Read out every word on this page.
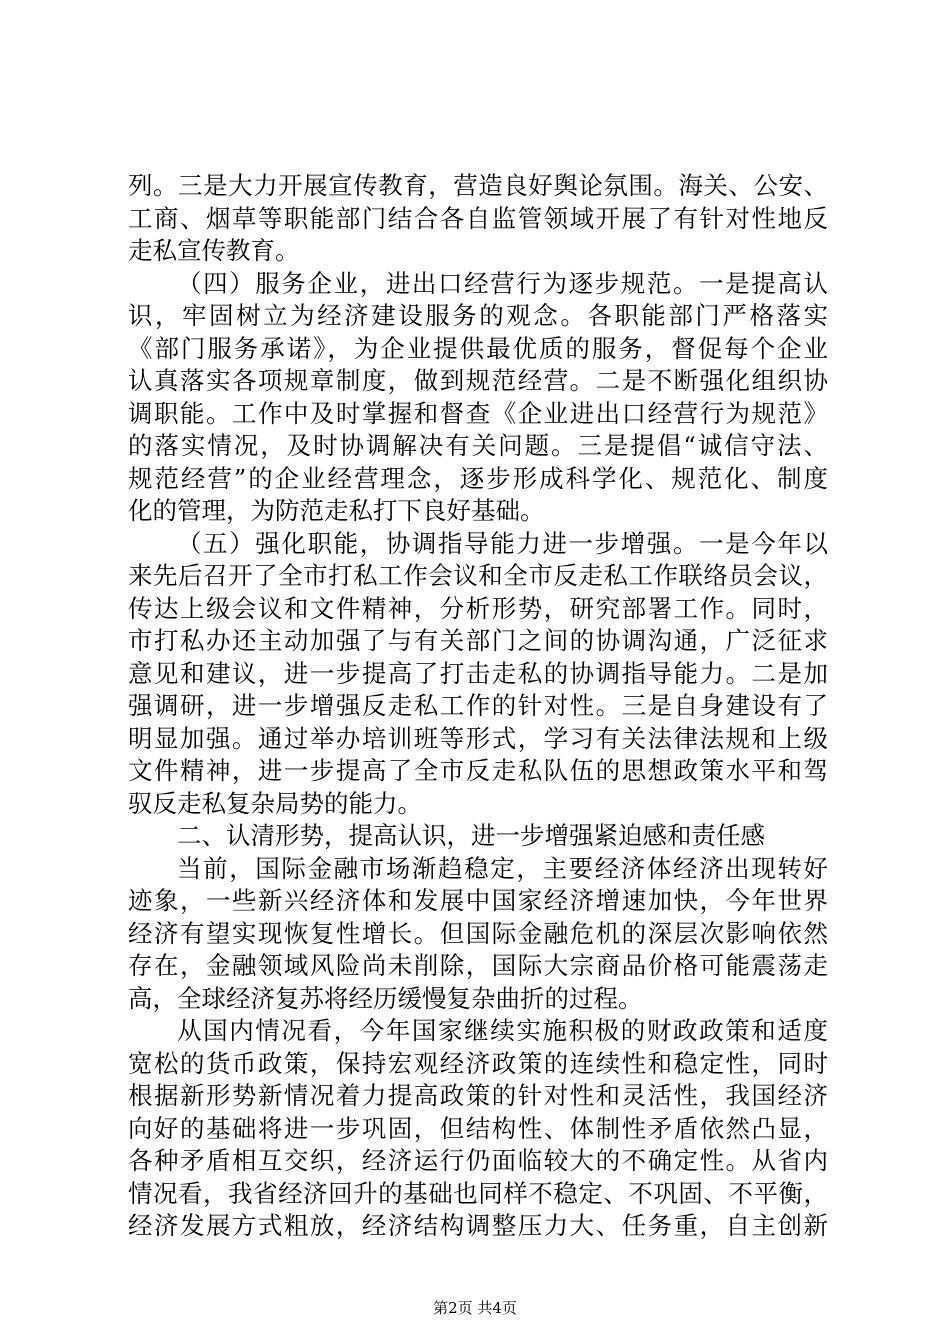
列。三是大力开展宣传教育，营造良好舆论氛围。海关、公安、
工商、烟草等职能部门结合各自监管领域开展了有针对性地反
走私宣传教育。
（四）服务企业，进出口经营行为逐步规范。一是提高认
识，牢固树立为经济建设服务的观念。各职能部门严格落实
《部门服务承诺》，为企业提供最优质的服务，督促每个企业
认真落实各项规章制度，做到规范经营。二是不断强化组织协
调职能。工作中及时掌握和督查《企业进出口经营行为规范》
的落实情况，及时协调解决有关问题。三是提倡“诚信守法、
规范经营”的企业经营理念，逐步形成科学化、规范化、制度
化的管理，为防范走私打下良好基础。
（五）强化职能，协调指导能力进一步增强。一是今年以
来先后召开了全市打私工作会议和全市反走私工作联络员会议，
传达上级会议和文件精神，分析形势，研究部署工作。同时，
市打私办还主动加强了与有关部门之间的协调沟通，广泛征求
意见和建议，进一步提高了打击走私的协调指导能力。二是加
强调研，进一步增强反走私工作的针对性。三是自身建设有了
明显加强。通过举办培训班等形式，学习有关法律法规和上级
文件精神，进一步提高了全市反走私队伍的思想政策水平和驾
驭反走私复杂局势的能力。
二、认清形势，提高认识，进一步增强紧迫感和责任感
当前，国际金融市场渐趋稳定，主要经济体经济出现转好
迹象，一些新兴经济体和发展中国家经济增速加快，今年世界
经济有望实现恢复性增长。但国际金融危机的深层次影响依然
存在，金融领域风险尚未削除，国际大宗商品价格可能震荡走
高，全球经济复苏将经历缓慢复杂曲折的过程。
从国内情况看，今年国家继续实施积极的财政政策和适度
宽松的货币政策，保持宏观经济政策的连续性和稳定性，同时
根据新形势新情况着力提高政策的针对性和灵活性，我国经济
向好的基础将进一步巩固，但结构性、体制性矛盾依然凸显，
各种矛盾相互交织，经济运行仍面临较大的不确定性。从省内
情况看，我省经济回升的基础也同样不稳定、不巩固、不平衡，
经济发展方式粗放，经济结构调整压力大、任务重，自主创新
第2页 共4页
